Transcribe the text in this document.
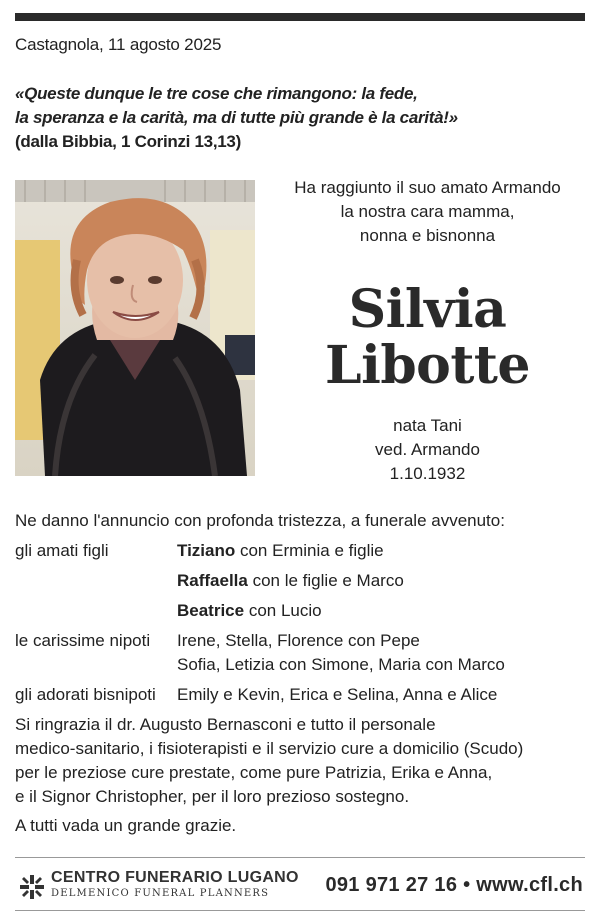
Castagnola, 11 agosto 2025
«Queste dunque le tre cose che rimangono: la fede,
la speranza e la carità, ma di tutte più grande è la carità!»
(dalla Bibbia, 1 Corinzi 13,13)
Ha raggiunto il suo amato Armando
la nostra cara mamma,
nonna e bisnonna
Silvia
Libotte
nata Tani
ved. Armando
1.10.1932
Ne danno l'annuncio con profonda tristezza, a funerale avvenuto:
gli amati figli	Tiziano con Erminia e figlie
Raffaella con le figlie e Marco
Beatrice con Lucio
le carissime nipoti Irene, Stella, Florence con Pepe
Sofia, Letizia con Simone, Maria con Marco
gli adorati bisnipoti Emily e Kevin, Erica e Selina, Anna e Alice
Si ringrazia il dr. Augusto Bernasconi e tutto il personale
medico-sanitario, i fisioterapisti e il servizio cure a domicilio (Scudo)
per le preziose cure prestate, come pure Patrizia, Erika e Anna,
e il Signor Christopher, per il loro prezioso sostegno.
A tutti vada un grande grazie.
CENTRO FUNERARIO LUGANO
DELMENICO FUNERAL PLANNERS	091 971 27 16 • www.cfl.ch
